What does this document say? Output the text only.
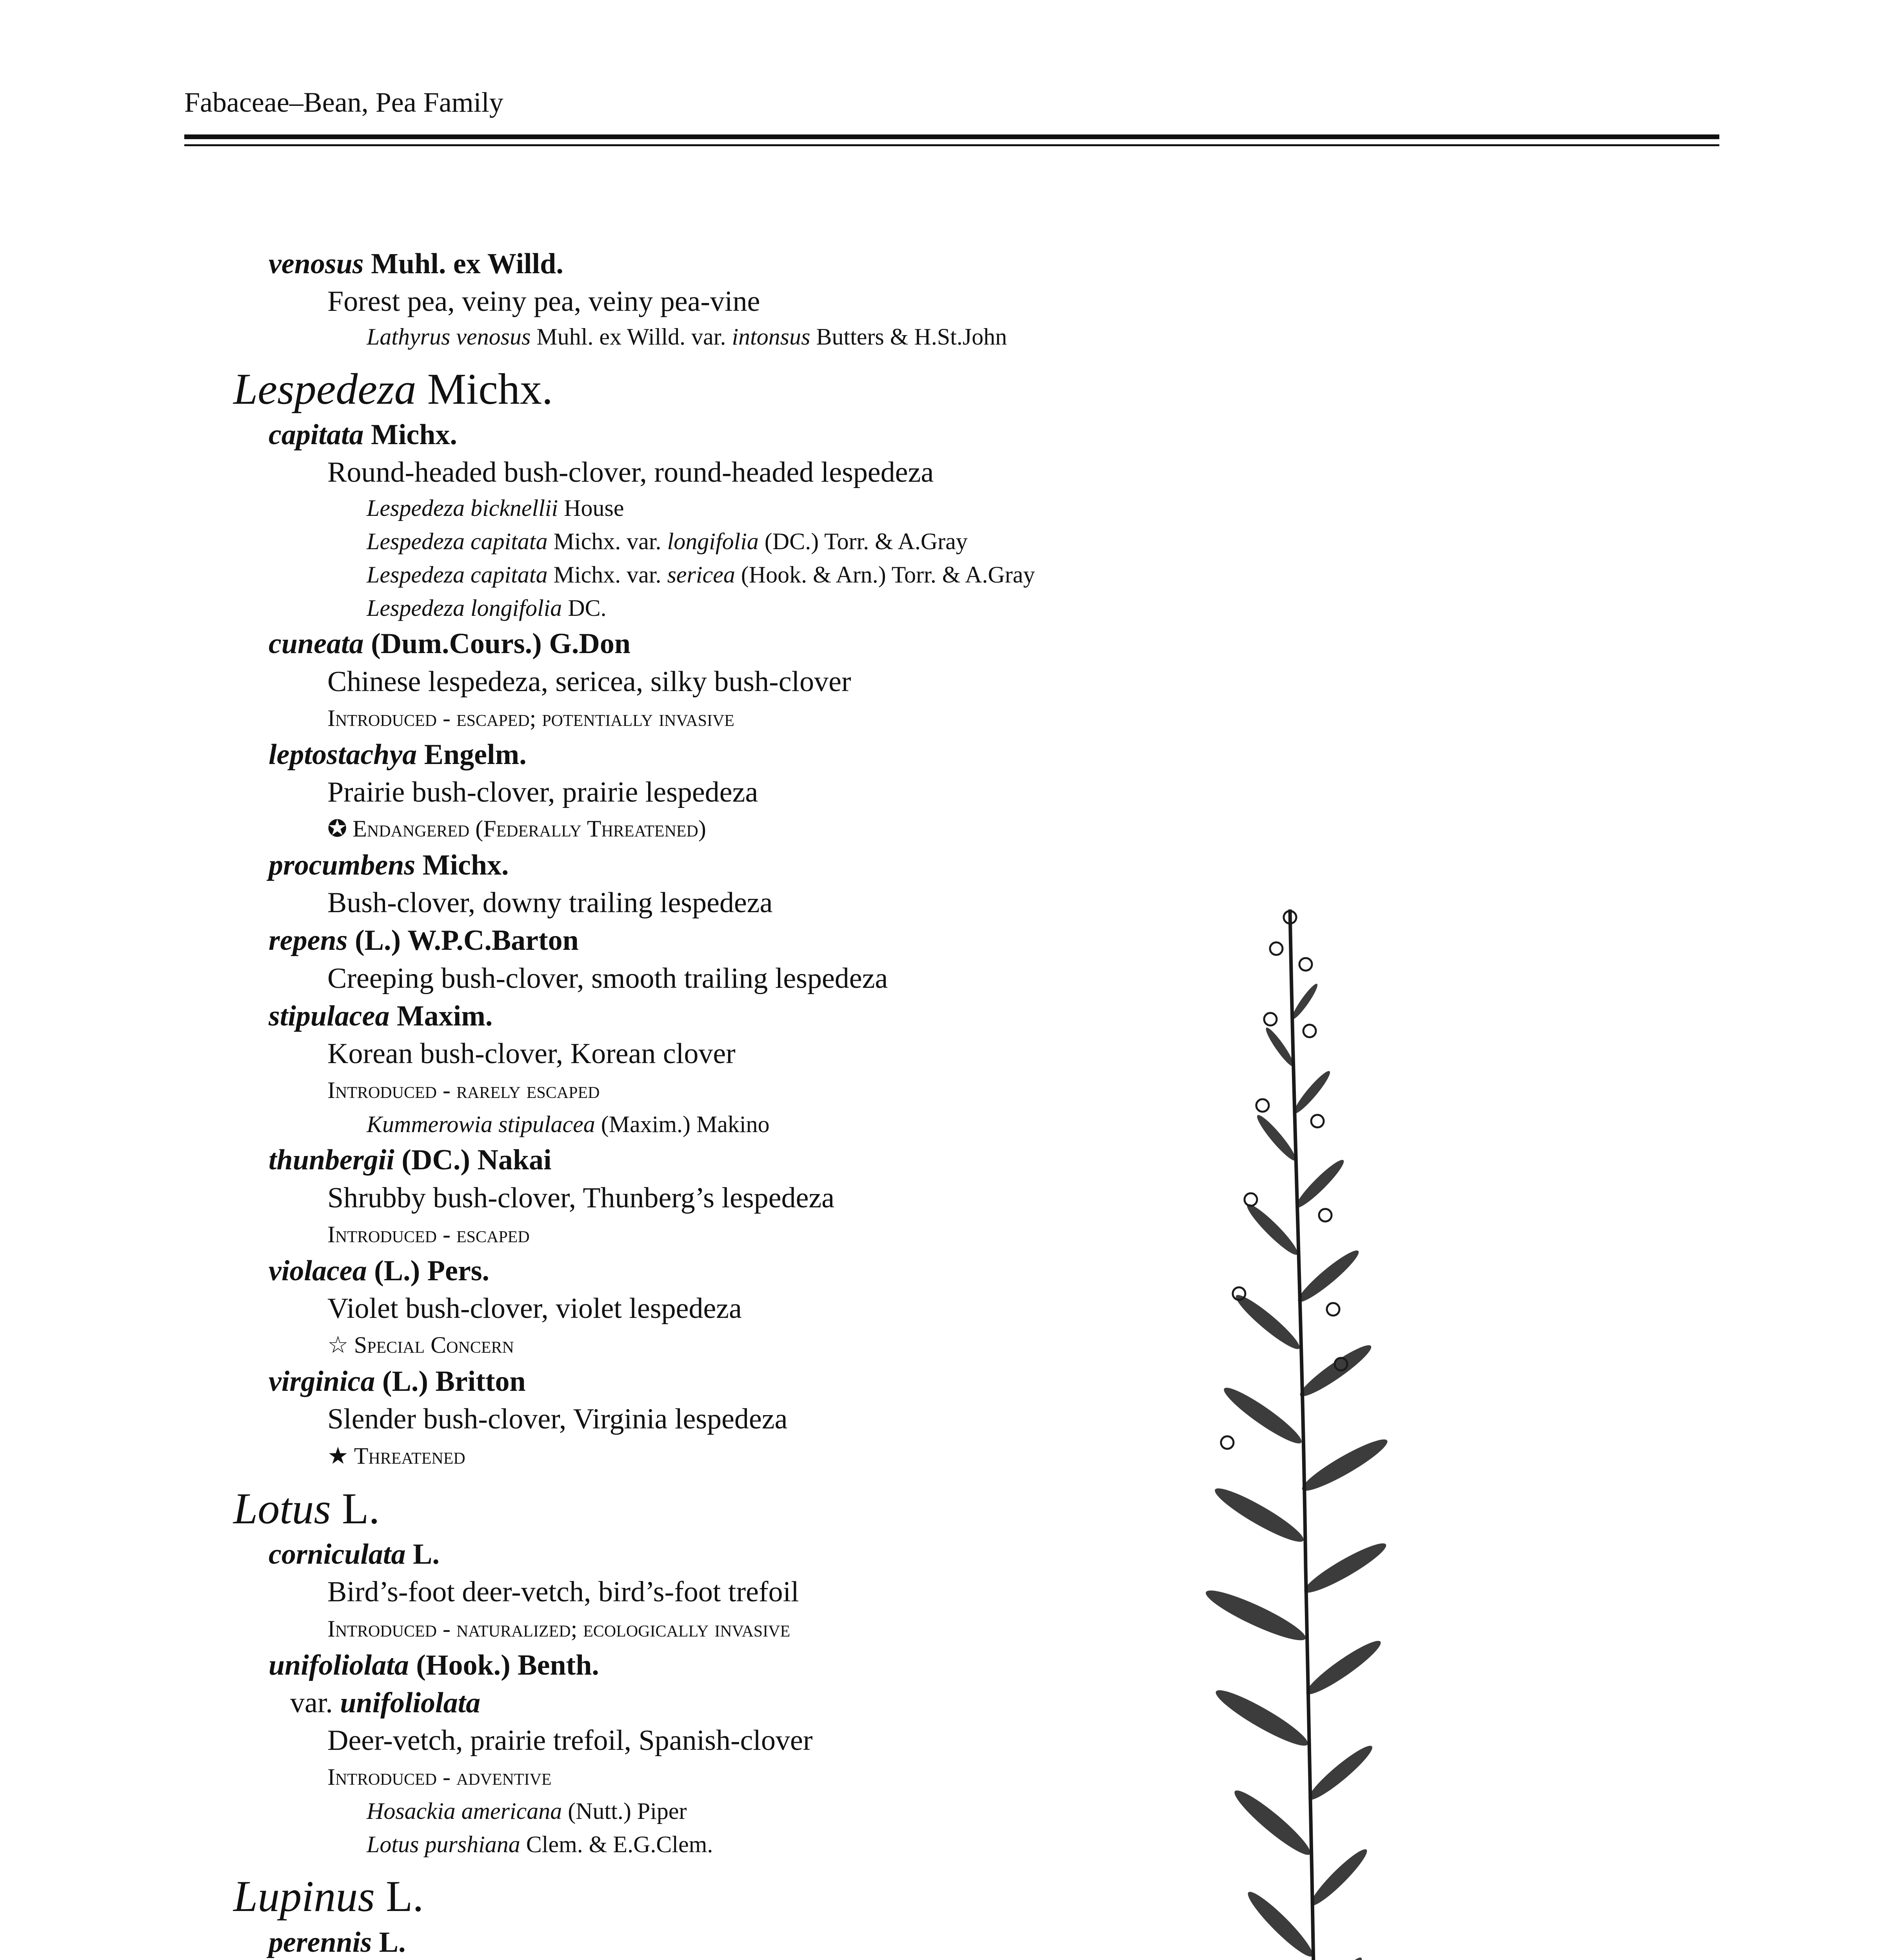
Fabaceae–Bean, Pea Family
venosus Muhl. ex Willd.
Forest pea, veiny pea, veiny pea-vine
Lathyrus venosus Muhl. ex Willd. var. intonsus Butters & H.St.John
Lespedeza Michx.
capitata Michx.
Round-headed bush-clover, round-headed lespedeza
Lespedeza bicknellii House
Lespedeza capitata Michx. var. longifolia (DC.) Torr. & A.Gray
Lespedeza capitata Michx. var. sericea (Hook. & Arn.) Torr. & A.Gray
Lespedeza longifolia DC.
cuneata (Dum.Cours.) G.Don
Chinese lespedeza, sericea, silky bush-clover
Introduced - escaped; potentially invasive
leptostachya Engelm.
Prairie bush-clover, prairie lespedeza
✪ Endangered (Federally Threatened)
procumbens Michx.
Bush-clover, downy trailing lespedeza
repens (L.) W.P.C.Barton
Creeping bush-clover, smooth trailing lespedeza
stipulacea Maxim.
Korean bush-clover, Korean clover
Introduced - rarely escaped
Kummerowia stipulacea (Maxim.) Makino
thunbergii (DC.) Nakai
Shrubby bush-clover, Thunberg’s lespedeza
Introduced - escaped
violacea (L.) Pers.
Violet bush-clover, violet lespedeza
☆ Special Concern
virginica (L.) Britton
Slender bush-clover, Virginia lespedeza
★ Threatened
Lotus L.
corniculata L.
Bird’s-foot deer-vetch, bird’s-foot trefoil
Introduced - naturalized; ecologically invasive
unifoliolata (Hook.) Benth.
var. unifoliolata
Deer-vetch, prairie trefoil, Spanish-clover
Introduced - adventive
Hosackia americana (Nutt.) Piper
Lotus purshiana Clem. & E.G.Clem.
Lupinus L.
perennis L.
